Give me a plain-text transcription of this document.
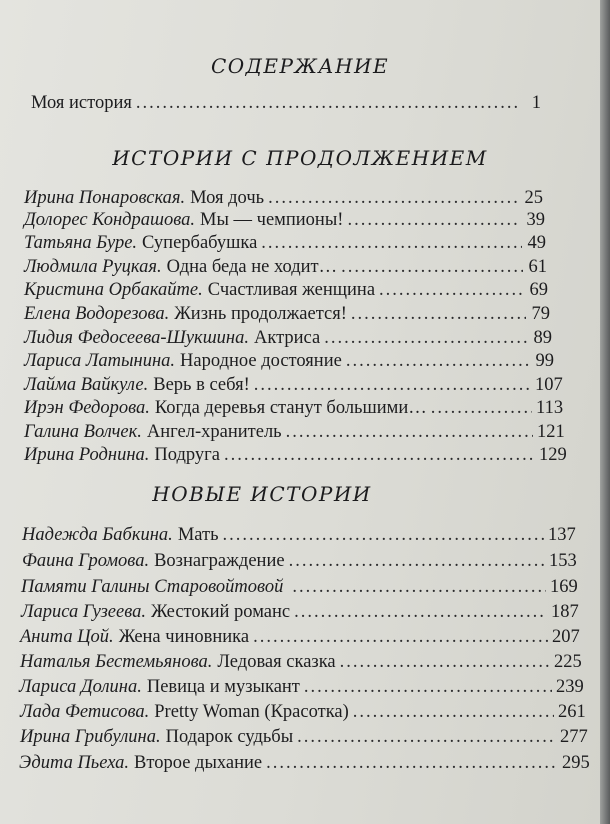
СОДЕРЖАНИЕ
Моя история .....	1
ИСТОРИИ С ПРОДОЛЖЕНИЕМ
Ирина Понаровская. Моя дочь .....	25
Долорес Кондрашова. Мы — чемпионы! .....	39
Татьяна Буре. Супербабушка .....	49
Людмила Руцкая. Одна беда не ходит… .....	61
Кристина Орбакайте. Счастливая женщина .....	69
Елена Водорезова. Жизнь продолжается! .....	79
Лидия Федосеева-Шукшина. Актриса .....	89
Лариса Латынина. Народное достояние .....	99
Лайма Вайкуле. Верь в себя! .....	107
Ирэн Федорова. Когда деревья станут большими… .....	113
Галина Волчек. Ангел-хранитель .....	121
Ирина Роднина. Подруга .....	129
НОВЫЕ ИСТОРИИ
Надежда Бабкина. Мать .....	137
Фаина Громова. Вознаграждение .....	153
Памяти Галины Старовойтовой .....	169
Лариса Гузеева. Жестокий романс .....	187
Анита Цой. Жена чиновника .....	207
Наталья Бестемьянова. Ледовая сказка .....	225
Лариса Долина. Певица и музыкант .....	239
Лада Фетисова. Pretty Woman (Красотка) .....	261
Ирина Грибулина. Подарок судьбы .....	277
Эдита Пьеха. Второе дыхание .....	295
